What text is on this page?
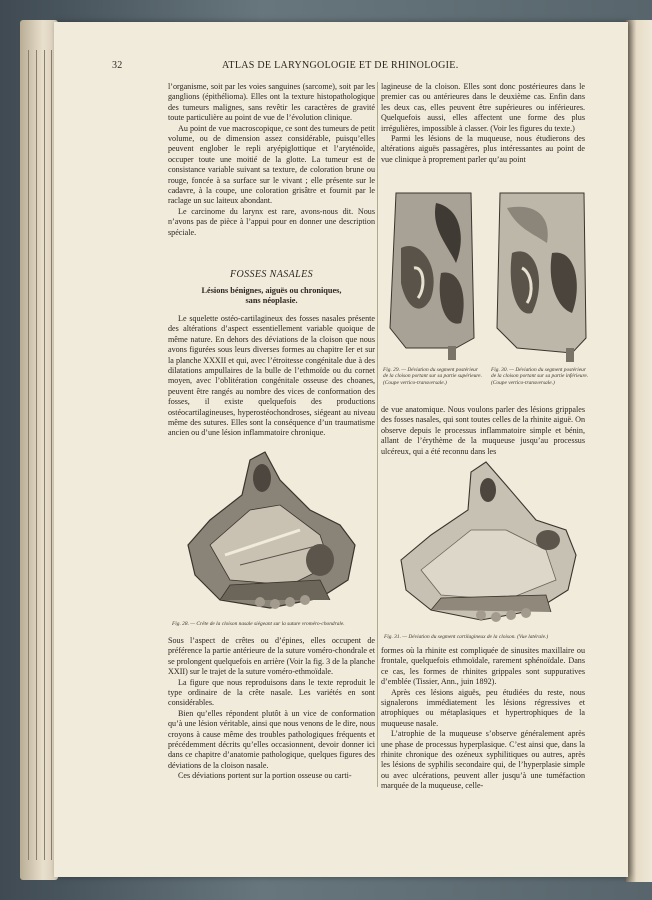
32	ATLAS DE LARYNGOLOGIE ET DE RHINOLOGIE.

l’organisme, soit par les voies sanguines (sarcome), soit par les ganglions (épithélioma). Elles ont la texture histopathologique des tumeurs malignes, sans revêtir les caractères de gravité toute particulière au point de vue de l’évolution clinique.

Au point de vue macroscopique, ce sont des tumeurs de petit volume, ou de dimension assez considérable, puisqu’elles peuvent englober le repli aryépiglottique et l’aryténoïde, occuper toute une moitié de la glotte. La tumeur est de consistance variable suivant sa texture, de coloration brune ou rouge, foncée à sa surface sur le vivant ; elle présente sur le cadavre, à la coupe, une coloration grisâtre et fournit par le raclage un suc laiteux abondant.

Le carcinome du larynx est rare, avons-nous dit. Nous n’avons pas de pièce à l’appui pour en donner une description spéciale.

FOSSES NASALES

Lésions bénignes, aiguës ou chroniques,

sans néoplasie.

Le squelette ostéo-cartilagineux des fosses nasales présente des altérations d’aspect essentiellement variable quoique de même nature. En dehors des déviations de la cloison que nous avons figurées sous leurs diverses formes au chapitre Ier et sur la planche XXXII et qui, avec l’étroitesse congénitale due à des dilatations ampullaires de la bulle de l’ethmoïde ou du cornet moyen, avec l’oblitération congénitale osseuse des choanes, peuvent être rangés au nombre des vices de conformation des fosses, il existe quelquefois des productions ostéocartilagineuses, hyperostéochondroses, siégeant au niveau même des sutures. Elles sont la conséquence d’un traumatisme ancien ou d’une lésion inflammatoire chronique.

Fig. 28. — Crête de la cloison nasale siégeant sur la suture vroméro-chondrale.

Sous l’aspect de crêtes ou d’épines, elles occupent de préférence la partie antérieure de la suture voméro-chondrale et se prolongent quelquefois en arrière (Voir la fig. 3 de la planche XXII) sur le trajet de la suture voméro-ethmoïdale.

La figure que nous reproduisons dans le texte reproduit le type ordinaire de la crête nasale. Les variétés en sont considérables.

Bien qu’elles répondent plutôt à un vice de conformation qu’à une lésion véritable, ainsi que nous venons de le dire, nous croyons à cause même des troubles pathologiques fréquents et précédemment décrits qu’elles occasionnent, devoir donner ici dans ce chapitre d’anatomie pathologique, quelques figures des déviations de la cloison nasale.

Ces déviations portent sur la portion osseuse ou carti-

lagineuse de la cloison. Elles sont donc postérieures dans le premier cas ou antérieures dans le deuxième cas. Enfin dans les deux cas, elles peuvent être supérieures ou inférieures. Quelquefois aussi, elles affectent une forme des plus irrégulières, impossible à classer. (Voir les figures du texte.)

Parmi les lésions de la muqueuse, nous étudierons des altérations aiguës passagères, plus intéressantes au point de vue clinique à proprement parler qu’au point

Fig. 29. — Déviation du segment postérieur de la cloison portant sur sa partie supérieure. (Coupe vertico-transversale.)
Fig. 30. — Déviation du segment postérieur de la cloison portant sur sa partie inférieure. (Coupe vertico-transversale.)

de vue anatomique. Nous voulons parler des lésions grippales des fosses nasales, qui sont toutes celles de la rhinite aiguë. On observe depuis le processus inflammatoire simple et bénin, allant de l’érythème de la muqueuse jusqu’au processus ulcéreux, qui a été reconnu dans les

Fig. 31. — Déviation du segment cartilagineux de la cloison. (Vue latérale.)

formes où la rhinite est compliquée de sinusites maxillaire ou frontale, quelquefois ethmoïdale, rarement sphénoïdale. Dans ce cas, les formes de rhinites grippales sont suppuratives d’emblée (Tissier, Ann., juin 1892).

Après ces lésions aiguës, peu étudiées du reste, nous signalerons immédiatement les lésions régressives et atrophiques ou métaplasiques et hypertrophiques de la muqueuse nasale.

L’atrophie de la muqueuse s’observe généralement après une phase de processus hyperplasique. C’est ainsi que, dans la rhinite chronique des ozéneux syphilitiques ou autres, après les lésions de syphilis secondaire qui, de l’hyperplasie simple ou avec ulcérations, peuvent aller jusqu’à une tuméfaction marquée de la muqueuse, celle-
